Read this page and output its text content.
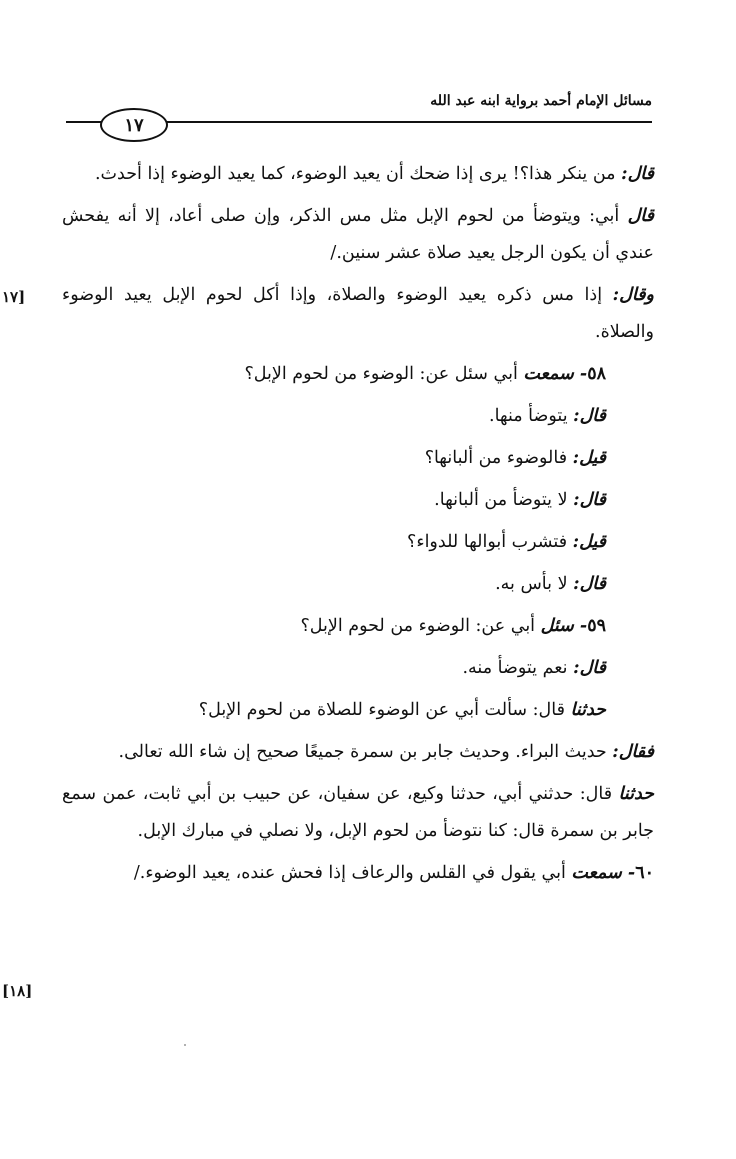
مسائل الإمام أحمد برواية ابنه عبد الله
١٧
١٧]
[١٨]

قال: من ينكر هذا؟! يرى إذا ضحك أن يعيد الوضوء، كما يعيد الوضوء إذا أحدث.

قال أبي: ويتوضأ من لحوم الإبل مثل مس الذكر، وإن صلى أعاد، إلا أنه يفحش عندي أن يكون الرجل يعيد صلاة عشر سنين./

وقال: إذا مس ذكره يعيد الوضوء والصلاة، وإذا أكل لحوم الإبل يعيد الوضوء والصلاة.

٥٨- سمعت أبي سئل عن: الوضوء من لحوم الإبل؟

قال: يتوضأ منها.

قيل: فالوضوء من ألبانها؟

قال: لا يتوضأ من ألبانها.

قيل: فتشرب أبوالها للدواء؟

قال: لا بأس به.

٥٩- سئل أبي عن: الوضوء من لحوم الإبل؟

قال: نعم يتوضأ منه.

حدثنا قال: سألت أبي عن الوضوء للصلاة من لحوم الإبل؟

فقال: حديث البراء. وحديث جابر بن سمرة جميعًا صحيح إن شاء الله تعالى.

حدثنا قال: حدثني أبي، حدثنا وكيع، عن سفيان، عن حبيب بن أبي ثابت، عمن سمع جابر بن سمرة قال: كنا نتوضأ من لحوم الإبل، ولا نصلي في مبارك الإبل.

٦٠- سمعت أبي يقول في القلس والرعاف إذا فحش عنده، يعيد الوضوء./
